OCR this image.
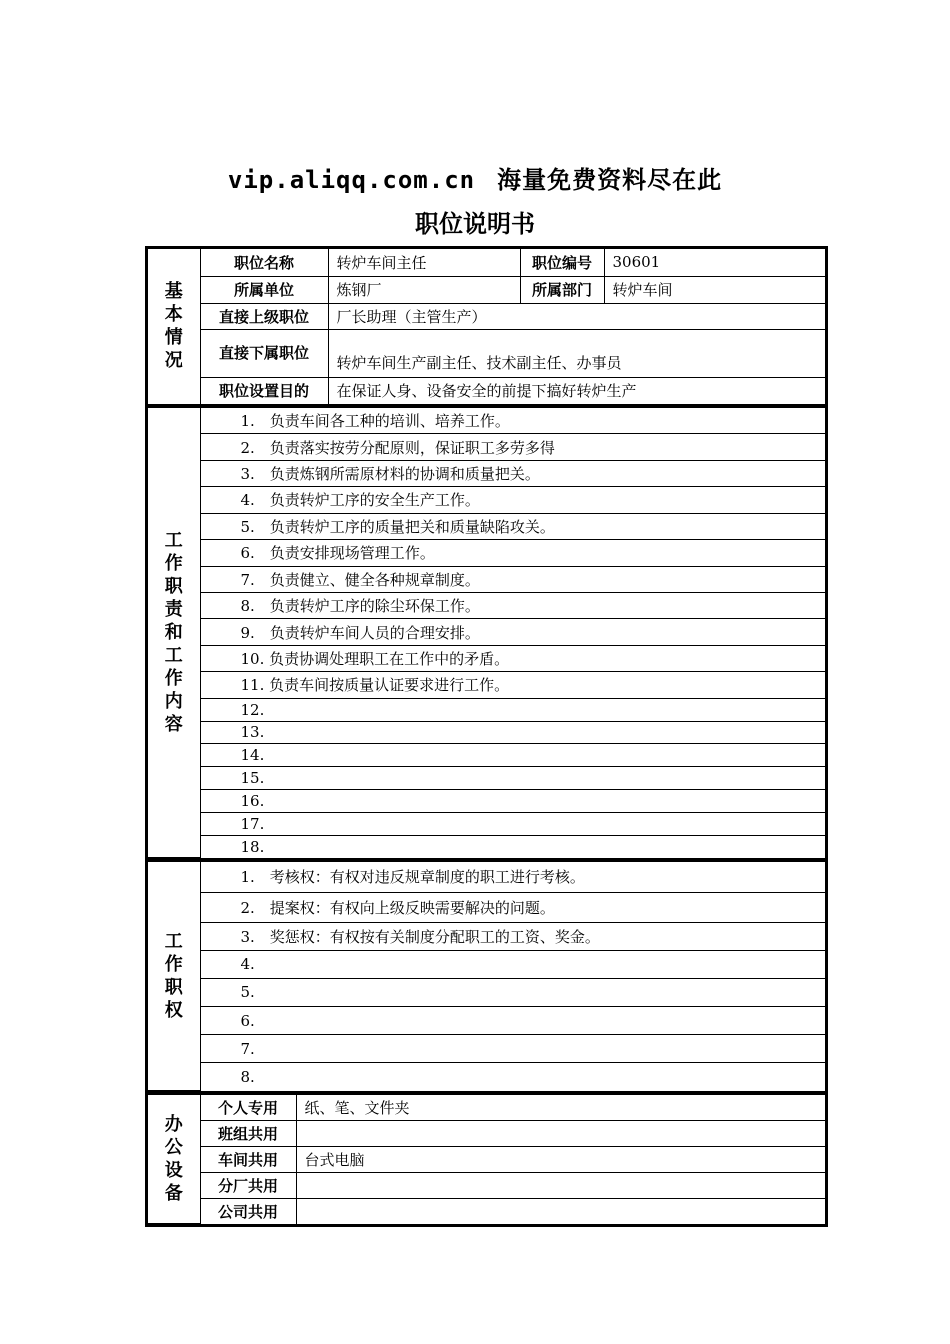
vip.aliqq.com.cn 海量免费资料尽在此
职位说明书
基
本
情
况	职位名称	转炉车间主任	职位编号	30601
	所属单位	炼钢厂	所属部门	转炉车间
	直接上级职位	厂长助理（主管生产）		
	直接下属职位	转炉车间生产副主任、技术副主任、办事员		
	职位设置目的	在保证人身、设备安全的前提下搞好转炉生产		
工
作
职
责
和
工
作
内
容
	1.　负责车间各工种的培训、培养工作。
2.　负责落实按劳分配原则，保证职工多劳多得
3.　负责炼钢所需原材料的协调和质量把关。
4.　负责转炉工序的安全生产工作。
5.　负责转炉工序的质量把关和质量缺陷攻关。
6.　负责安排现场管理工作。
7.　负责健立、健全各种规章制度。
8.　负责转炉工序的除尘环保工作。
9.　负责转炉车间人员的合理安排。
10. 负责协调处理职工在工作中的矛盾。
11. 负责车间按质量认证要求进行工作。
12.
13.
14.
15.
16.
17.
18.
工
作
职
权
	1.　考核权：有权对违反规章制度的职工进行考核。
2.　提案权：有权向上级反映需要解决的问题。
3.　奖惩权：有权按有关制度分配职工的工资、奖金。
4.
5.
6.
7.
8.
办
公
设
备	个人专用	纸、笔、文件夹
	班组共用	
	车间共用	台式电脑
	分厂共用	
	公司共用	
